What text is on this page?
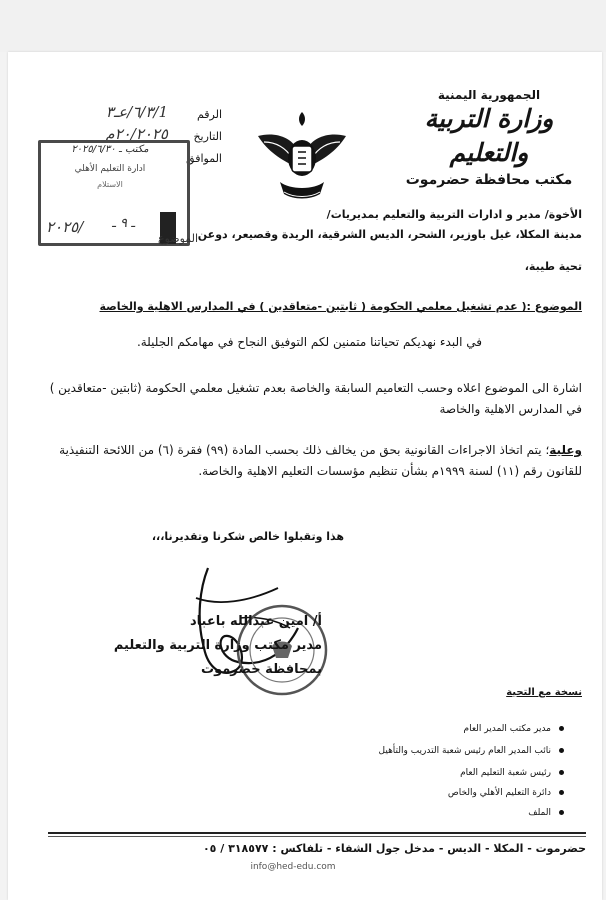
الجمهورية اليمنية
وزارة التربية والتعليم
مكتب محافظة حضرموت
الرقم
1/٦/٣/عـ٣
التاريخ
٢٠/٢٠٢٥م
الموافق
مكتب ـ ٢٠٢٥/٦/٣٠
ادارة التعليم الأهلي
الاستلام
٢٠٢٥/ ـ ٩ ـ
الموضوع
الأخوة/ مدير و ادارات التربية والتعليم بمديريات/
مدينة المكلا، غيل باوزير، الشحر، الديس الشرقية، الريدة وقصيعر، دوعن
تحية طيبة،
الموضوع :( عدم تشغيل معلمي الحكومة ( ثابتين -متعاقدين ) في المدارس الاهلية والخاصة
في البدء نهديكم تحياتنا متمنين لكم التوفيق النجاح في مهامكم الجليلة.
اشارة الى الموضوع اعلاه وحسب التعاميم السابقة والخاصة بعدم تشغيل معلمي الحكومة (ثابتين -متعاقدين ) في المدارس الاهلية والخاصة
وعلية؛ يتم اتخاذ الاجراءات القانونية بحق من يخالف ذلك بحسب المادة (٩٩) فقرة (٦) من اللائحة التنفيذية للقانون رقم (١١) لسنة ١٩٩٩م بشأن تنظيم مؤسسات التعليم الاهلية والخاصة.
هذا وتقبلوا خالص شكرنا وتقديرنا،،،
أ/ امين عبدالله باعباد
مدير مكتب وزارة التربية والتعليم
بمحافظة حضرموت
نسخة مع التحية
مدير مكتب المدير العام
نائب المدير العام رئيس شعبة التدريب والتأهيل
رئيس شعبة التعليم العام
دائرة التعليم الأهلي والخاص
الملف
حضرموت - المكلا - الديس - مدخل جول الشفاء - تلفاكس : ٣١٨٥٧٧ / ٠٥
info@hed-edu.com
